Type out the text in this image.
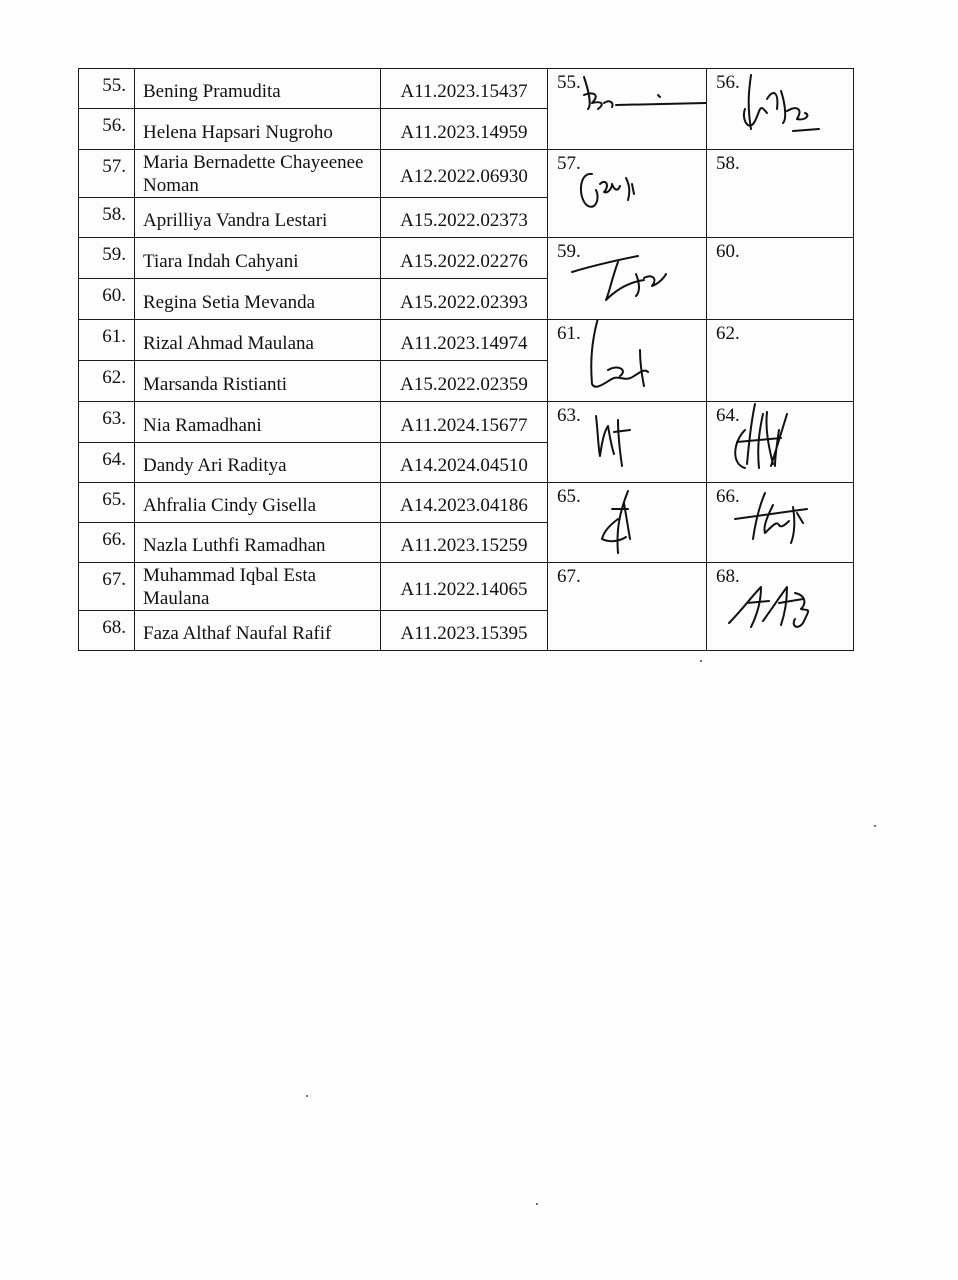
55.	Bening Pramudita	A11.2023.15437	55.	56.

56.	Helena Hapsari Nugroho	A11.2023.14959		
57.	Maria Bernadette Chayeenee Noman	A12.2022.06930	57.	58.

58.	Aprilliya Vandra Lestari	A15.2022.02373		
59.	Tiara Indah Cahyani	A15.2022.02276	59.	60.

60.	Regina Setia Mevanda	A15.2022.02393		
61.	Rizal Ahmad Maulana	A11.2023.14974	61.	62.

62.	Marsanda Ristianti	A15.2022.02359		
63.	Nia Ramadhani	A11.2024.15677	63.	64.

64.	Dandy Ari Raditya	A14.2024.04510		
65.	Ahfralia Cindy Gisella	A14.2023.04186	65.	66.

66.	Nazla Luthfi Ramadhan	A11.2023.15259		
67.	Muhammad Iqbal Esta Maulana	A11.2022.14065	67.	68.

68.	Faza Althaf Naufal Rafif	A11.2023.15395		
